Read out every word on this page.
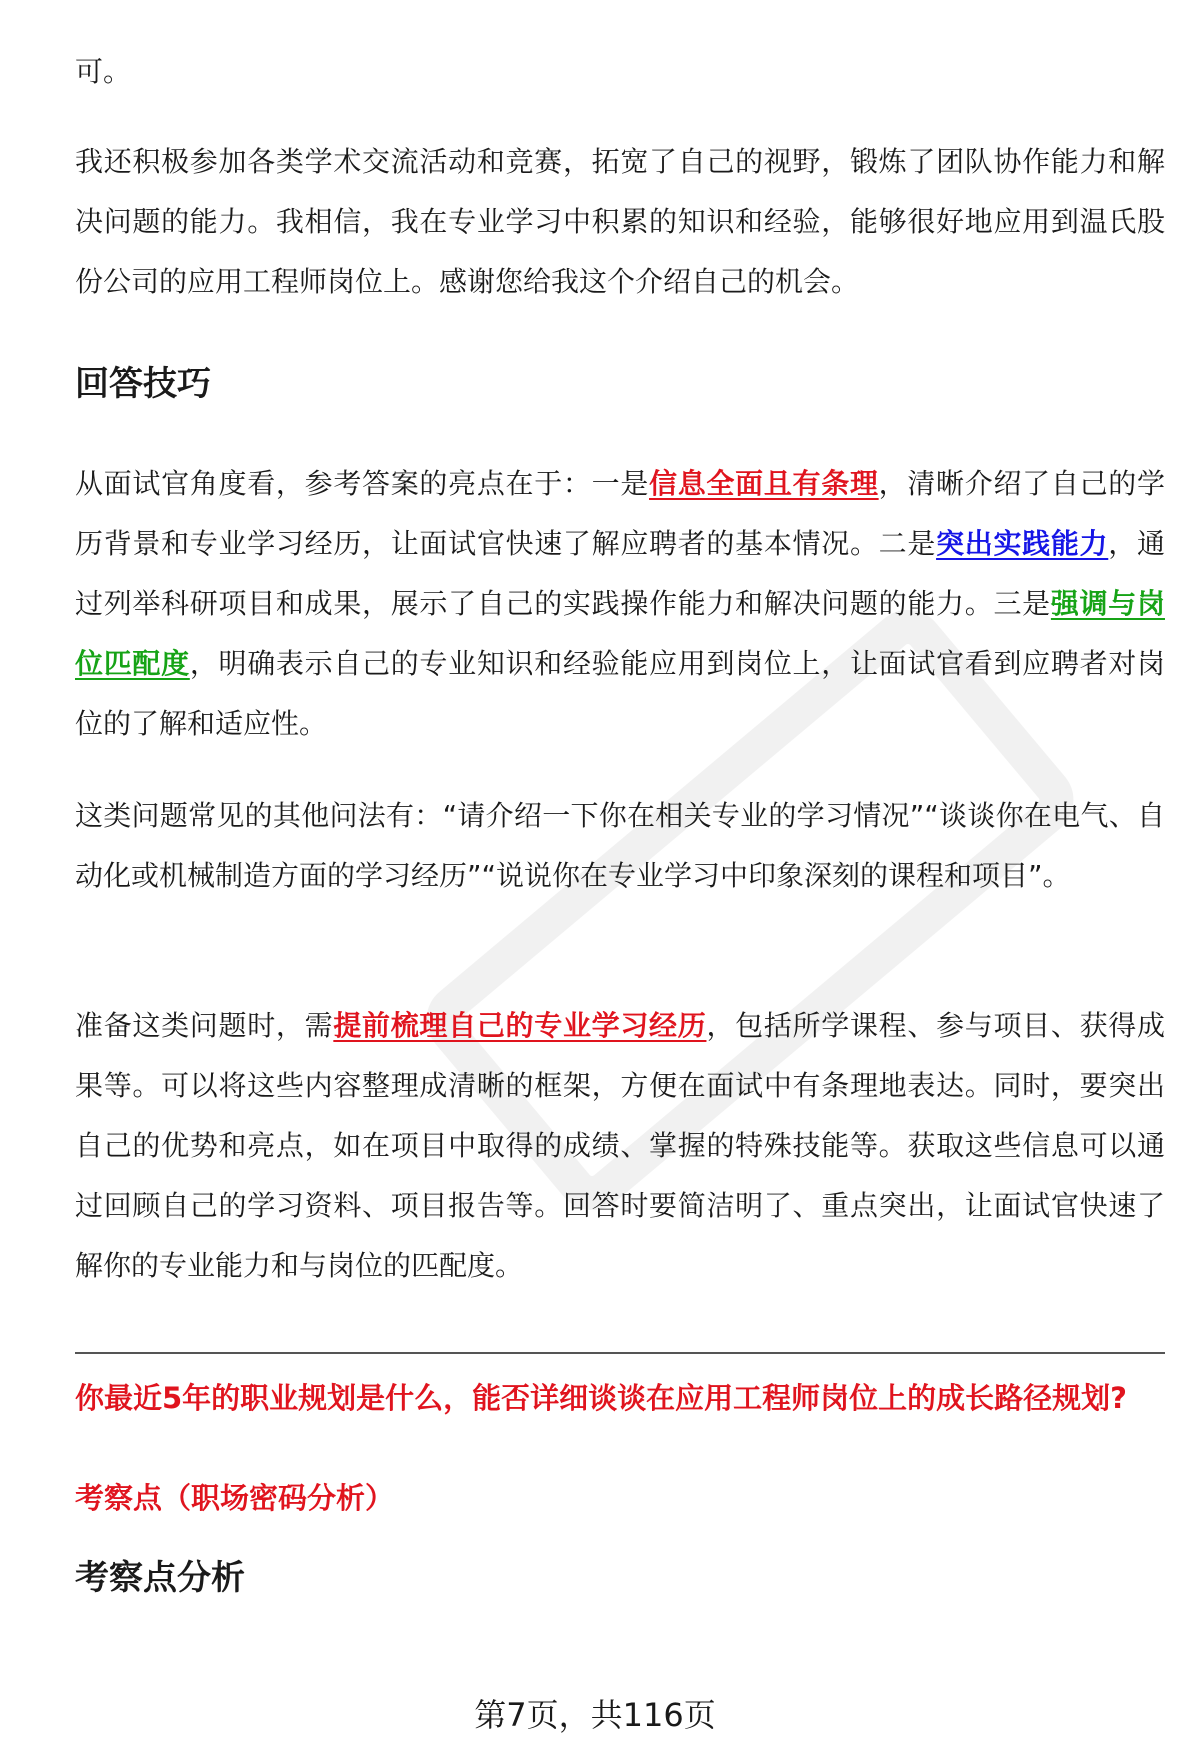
可。

我还积极参加各类学术交流活动和竞赛，拓宽了自己的视野，锻炼了团队协作能力和解决问题的能力。我相信，我在专业学习中积累的知识和经验，能够很好地应用到温氏股份公司的应用工程师岗位上。感谢您给我这个介绍自己的机会。

回答技巧

从面试官角度看，参考答案的亮点在于：一是信息全面且有条理，清晰介绍了自己的学历背景和专业学习经历，让面试官快速了解应聘者的基本情况。二是突出实践能力，通过列举科研项目和成果，展示了自己的实践操作能力和解决问题的能力。三是强调与岗位匹配度，明确表示自己的专业知识和经验能应用到岗位上，让面试官看到应聘者对岗位的了解和适应性。

这类问题常见的其他问法有：“请介绍一下你在相关专业的学习情况”“谈谈你在电气、自动化或机械制造方面的学习经历”“说说你在专业学习中印象深刻的课程和项目”。

准备这类问题时，需提前梳理自己的专业学习经历，包括所学课程、参与项目、获得成果等。可以将这些内容整理成清晰的框架，方便在面试中有条理地表达。同时，要突出自己的优势和亮点，如在项目中取得的成绩、掌握的特殊技能等。获取这些信息可以通过回顾自己的学习资料、项目报告等。回答时要简洁明了、重点突出，让面试官快速了解你的专业能力和与岗位的匹配度。

你最近5年的职业规划是什么，能否详细谈谈在应用工程师岗位上的成长路径规划?

考察点（职场密码分析）

考察点分析
第7页，共116页
